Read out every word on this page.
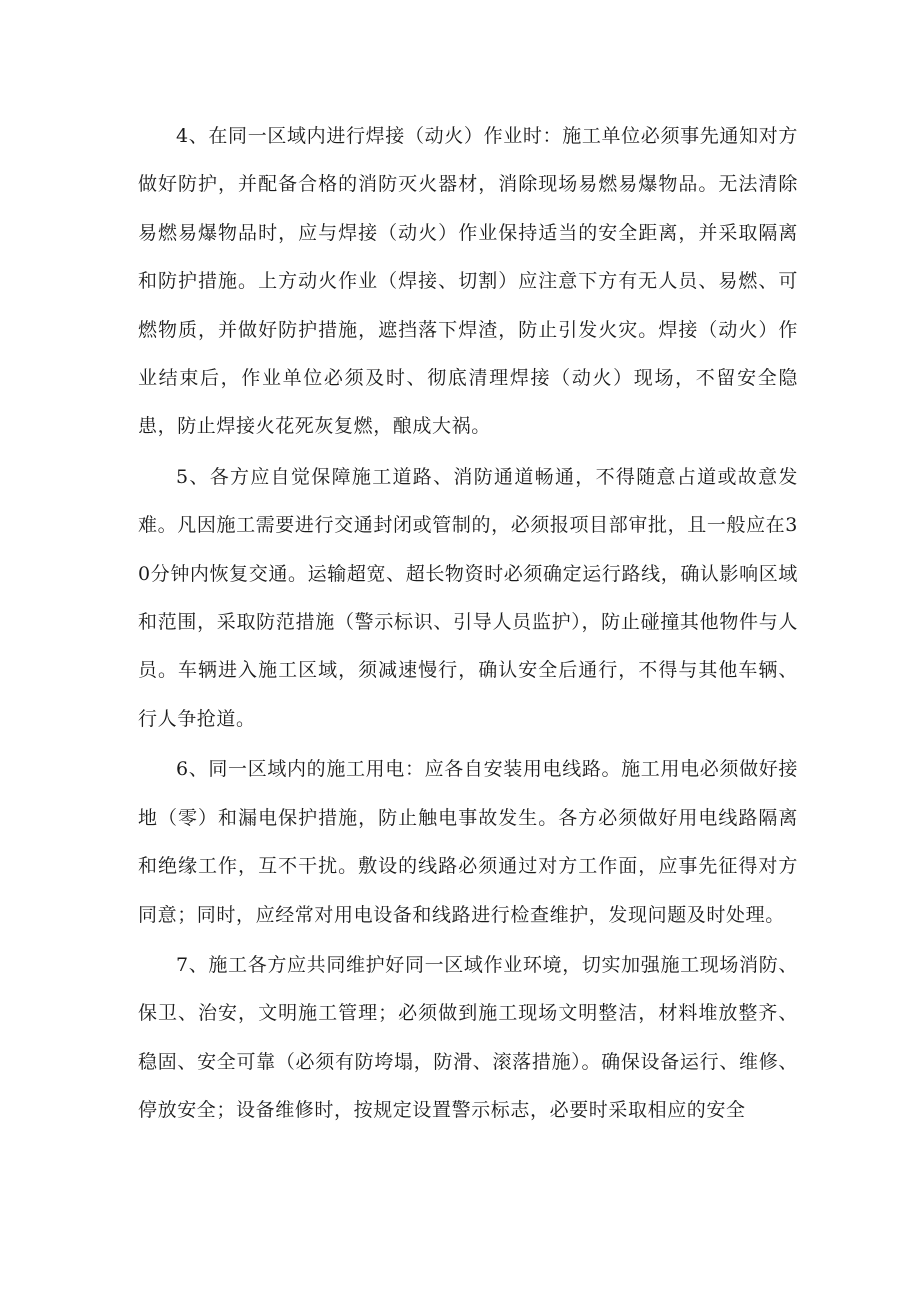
4、在同一区域内进行焊接（动火）作业时：施工单位必须事先通知对方做好防护，并配备合格的消防灭火器材，消除现场易燃易爆物品。无法清除易燃易爆物品时，应与焊接（动火）作业保持适当的安全距离，并采取隔离和防护措施。上方动火作业（焊接、切割）应注意下方有无人员、易燃、可燃物质，并做好防护措施，遮挡落下焊渣，防止引发火灾。焊接（动火）作业结束后，作业单位必须及时、彻底清理焊接（动火）现场，不留安全隐患，防止焊接火花死灰复燃，酿成大祸。

5、各方应自觉保障施工道路、消防通道畅通，不得随意占道或故意发难。凡因施工需要进行交通封闭或管制的，必须报项目部审批，且一般应在30分钟内恢复交通。运输超宽、超长物资时必须确定运行路线，确认影响区域和范围，采取防范措施（警示标识、引导人员监护），防止碰撞其他物件与人员。车辆进入施工区域，须减速慢行，确认安全后通行，不得与其他车辆、行人争抢道。

6、同一区域内的施工用电：应各自安装用电线路。施工用电必须做好接地（零）和漏电保护措施，防止触电事故发生。各方必须做好用电线路隔离和绝缘工作，互不干扰。敷设的线路必须通过对方工作面，应事先征得对方同意；同时，应经常对用电设备和线路进行检查维护，发现问题及时处理。

7、施工各方应共同维护好同一区域作业环境，切实加强施工现场消防、保卫、治安，文明施工管理；必须做到施工现场文明整洁，材料堆放整齐、稳固、安全可靠（必须有防垮塌，防滑、滚落措施）。确保设备运行、维修、停放安全；设备维修时，按规定设置警示标志，必要时采取相应的安全
